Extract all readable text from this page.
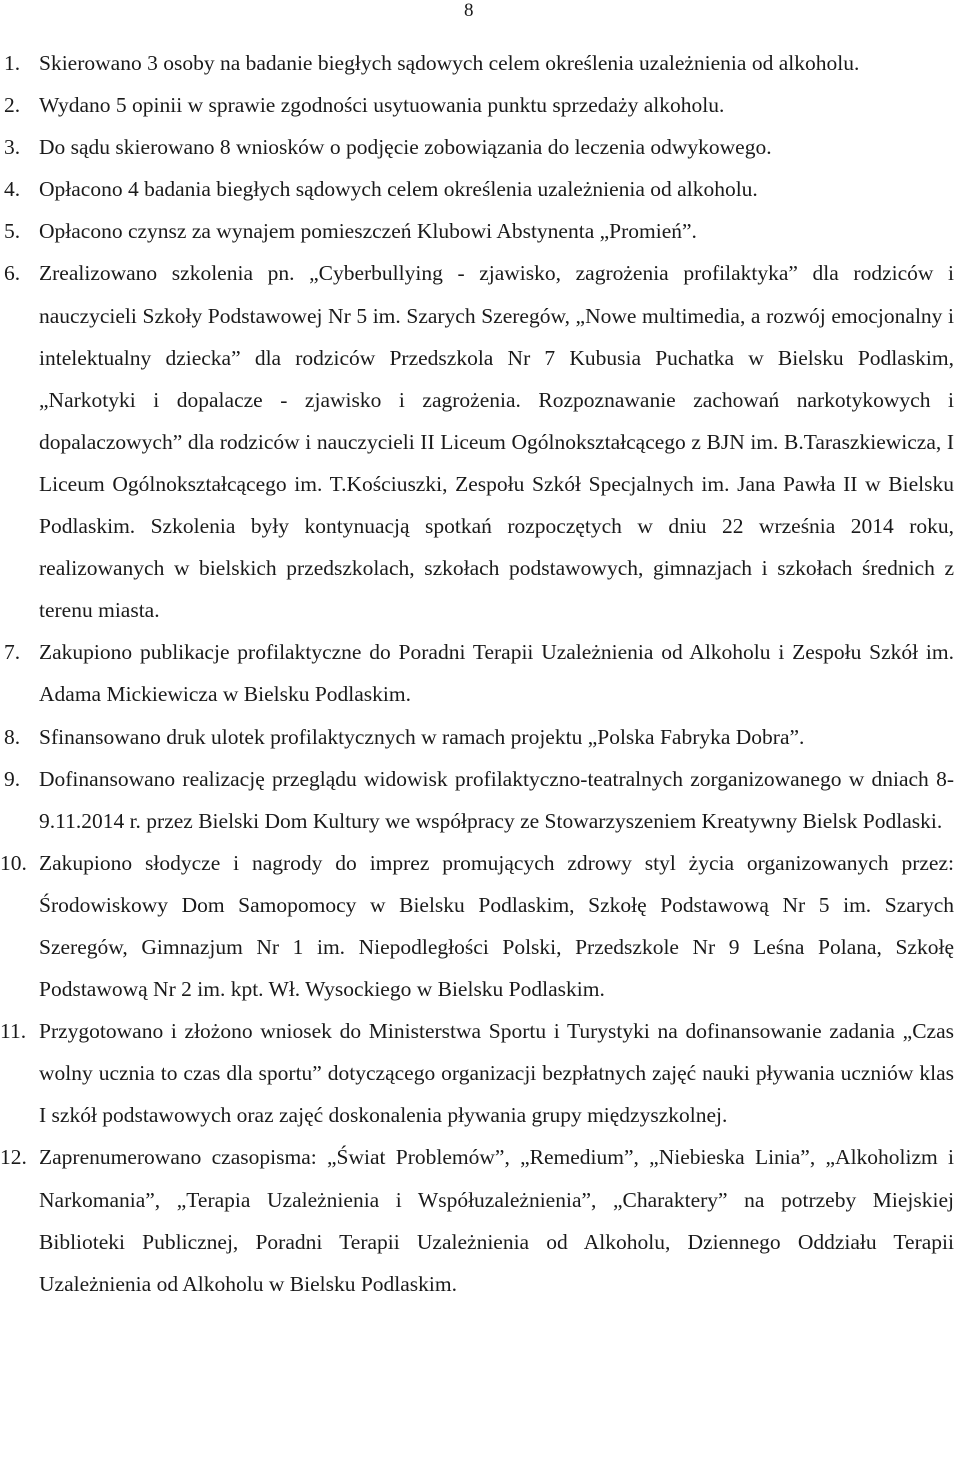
8
1. Skierowano 3 osoby na badanie biegłych sądowych celem określenia uzależnienia od alkoholu.
2. Wydano 5 opinii w sprawie zgodności usytuowania punktu sprzedaży alkoholu.
3. Do sądu skierowano 8 wniosków o podjęcie zobowiązania do leczenia odwykowego.
4. Opłacono 4 badania biegłych sądowych celem określenia uzależnienia od alkoholu.
5. Opłacono czynsz za wynajem pomieszczeń Klubowi Abstynenta „Promień”.
6. Zrealizowano szkolenia pn. „Cyberbullying - zjawisko, zagrożenia profilaktyka” dla rodziców i nauczycieli Szkoły Podstawowej Nr 5 im. Szarych Szeregów, „Nowe multimedia, a rozwój emocjonalny i intelektualny dziecka” dla rodziców Przedszkola Nr 7 Kubusia Puchatka w Bielsku Podlaskim, „Narkotyki i dopalacze - zjawisko i zagrożenia. Rozpoznawanie zachowań narkotykowych i dopalaczowych” dla rodziców i nauczycieli II Liceum Ogólnokształcącego z BJN im. B.Taraszkiewicza, I Liceum Ogólnokształcącego im. T.Kościuszki, Zespołu Szkół Specjalnych im. Jana Pawła II w Bielsku Podlaskim. Szkolenia były kontynuacją spotkań rozpoczętych w dniu 22 września 2014 roku, realizowanych w bielskich przedszkolach, szkołach podstawowych, gimnazjach i szkołach średnich z terenu miasta.
7. Zakupiono publikacje profilaktyczne do Poradni Terapii Uzależnienia od Alkoholu i Zespołu Szkół im. Adama Mickiewicza w Bielsku Podlaskim.
8. Sfinansowano druk ulotek profilaktycznych w ramach projektu „Polska Fabryka Dobra”.
9. Dofinansowano realizację przeglądu widowisk profilaktyczno-teatralnych zorganizowanego w dniach 8-9.11.2014 r. przez Bielski Dom Kultury we współpracy ze Stowarzyszeniem Kreatywny Bielsk Podlaski.
10. Zakupiono słodycze i nagrody do imprez promujących zdrowy styl życia organizowanych przez: Środowiskowy Dom Samopomocy w Bielsku Podlaskim, Szkołę Podstawową Nr 5 im. Szarych Szeregów, Gimnazjum Nr 1 im. Niepodległości Polski, Przedszkole Nr 9 Leśna Polana, Szkołę Podstawową Nr 2 im. kpt. Wł. Wysockiego w Bielsku Podlaskim.
11. Przygotowano i złożono wniosek do Ministerstwa Sportu i Turystyki na dofinansowanie zadania „Czas wolny ucznia to czas dla sportu” dotyczącego organizacji bezpłatnych zajęć nauki pływania uczniów klas I szkół podstawowych oraz zajęć doskonalenia pływania grupy międzyszkolnej.
12. Zaprenumerowano czasopisma: „Świat Problemów”, „Remedium”, „Niebieska Linia”, „Alkoholizm i Narkomania”, „Terapia Uzależnienia i Współuzależnienia”, „Charaktery” na potrzeby Miejskiej Biblioteki Publicznej, Poradni Terapii Uzależnienia od Alkoholu, Dziennego Oddziału Terapii Uzależnienia od Alkoholu w Bielsku Podlaskim.
